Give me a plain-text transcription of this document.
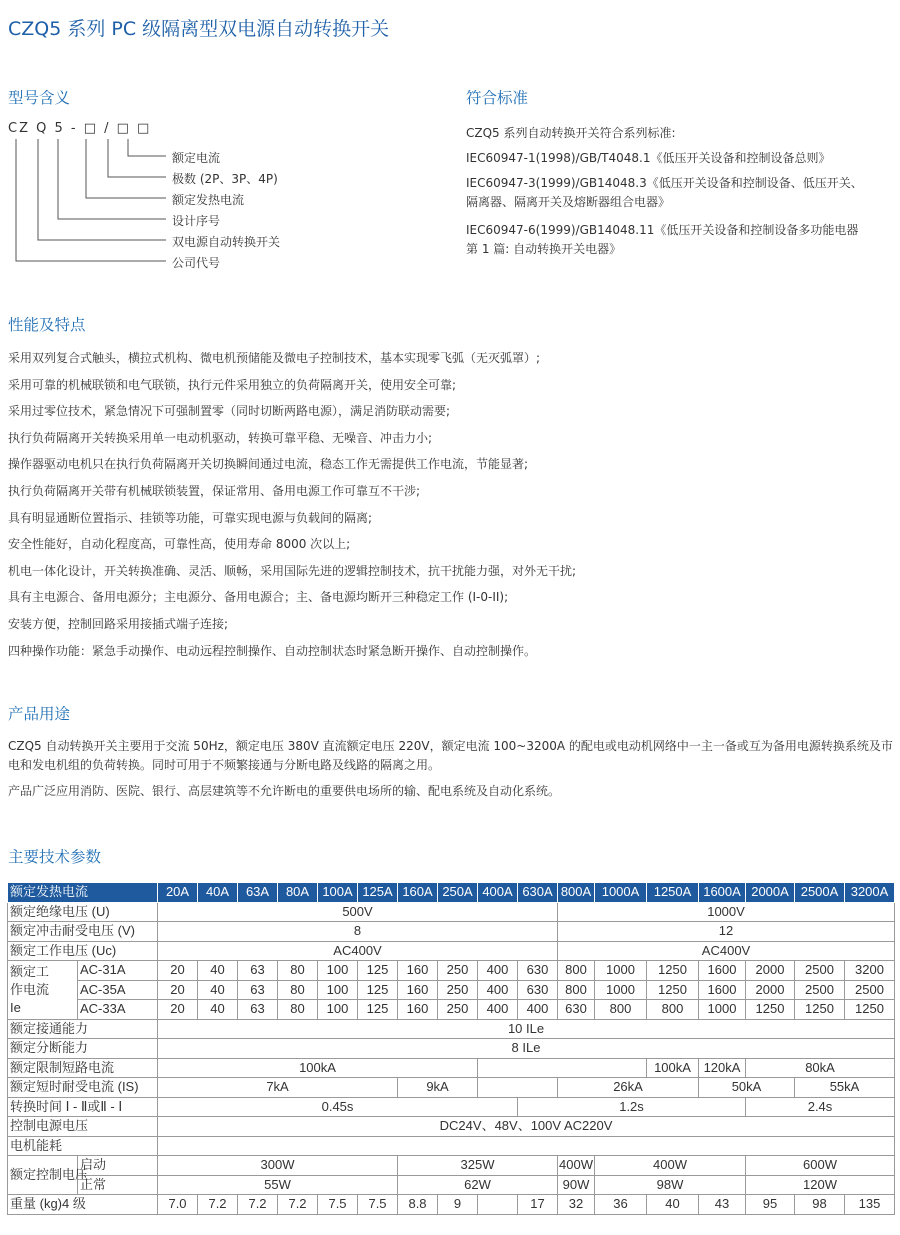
CZQ5 系列 PC 级隔离型双电源自动转换开关
型号含义
CZ Q 5 - □ / □ □
额定电流
极数 (2P、3P、4P)
额定发热电流
设计序号
双电源自动转换开关
公司代号
符合标准
CZQ5 系列自动转换开关符合系列标准:
IEC60947-1(1998)/GB/T4048.1《低压开关设备和控制设备总则》
IEC60947-3(1999)/GB14048.3《低压开关设备和控制设备、低压开关、
隔离器、隔离开关及熔断器组合电器》
IEC60947-6(1999)/GB14048.11《低压开关设备和控制设备多功能电器
第 1 篇: 自动转换开关电器》
性能及特点
采用双列复合式触头，横拉式机构、微电机预储能及微电子控制技术，基本实现零飞弧（无灭弧罩）;
采用可靠的机械联锁和电气联锁，执行元件采用独立的负荷隔离开关，使用安全可靠;
采用过零位技术，紧急情况下可强制置零（同时切断两路电源），满足消防联动需要;
执行负荷隔离开关转换采用单一电动机驱动，转换可靠平稳、无噪音、冲击力小;
操作器驱动电机只在执行负荷隔离开关切换瞬间通过电流，稳态工作无需提供工作电流，节能显著;
执行负荷隔离开关带有机械联锁装置，保证常用、备用电源工作可靠互不干涉;
具有明显通断位置指示、挂锁等功能，可靠实现电源与负载间的隔离;
安全性能好，自动化程度高，可靠性高，使用寿命 8000 次以上;
机电一体化设计，开关转换准确、灵活、顺畅，采用国际先进的逻辑控制技术，抗干扰能力强，对外无干扰;
具有主电源合、备用电源分；主电源分、备用电源合；主、备电源均断开三种稳定工作 (I-0-II);
安装方便，控制回路采用接插式端子连接;
四种操作功能：紧急手动操作、电动远程控制操作、自动控制状态时紧急断开操作、自动控制操作。
产品用途
CZQ5 自动转换开关主要用于交流 50Hz，额定电压 380V 直流额定电压 220V，额定电流 100~3200A 的配电或电动机网络中一主一备或互为备用电源转换系统及市电和发电机组的负荷转换。同时可用于不频繁接通与分断电路及线路的隔离之用。
产品广泛应用消防、医院、银行、高层建筑等不允许断电的重要供电场所的输、配电系统及自动化系统。
主要技术参数
额定发热电流		20A	40A	63A	80A	100A	125A	160A	250A	400A	630A	800A	1000A	1250A	1600A	2000A	2500A	3200A
额定绝缘电压 (U)		500V										1000V						
额定冲击耐受电压 (V)		8										12						
额定工作电压 (Uc)		AC400V										AC400V						
额定工
作电流
Ie	AC-31A	20	40	63	80	100	125	160	250	400	630	800	1000	1250	1600	2000	2500	3200
	AC-35A	20	40	63	80	100	125	160	250	400	630	800	1000	1250	1600	2000	2500	2500
	AC-33A	20	40	63	80	100	125	160	250	400	400	630	800	800	1000	1250	1250	1250
额定接通能力		10 ILe																
额定分断能力		8 ILe																
额定限制短路电流		100kA												100kA	120kA	80kA		
额定短时耐受电流 (IS)		7kA						9kA				26kA			50kA		55kA	
转换时间 Ⅰ - Ⅱ或Ⅱ - Ⅰ		0.45s									1.2s					2.4s		
控制电源电压		DC24V、48V、100V AC220V																
电机能耗																		
额定控制电压	启动	300W						325W				400W	400W			600W		
	正常	55W						62W				90W	98W			120W		
重量 (kg)4 级		7.0	7.2	7.2	7.2	7.5	7.5	8.8	9		17	32	36	40	43	95	98	135
